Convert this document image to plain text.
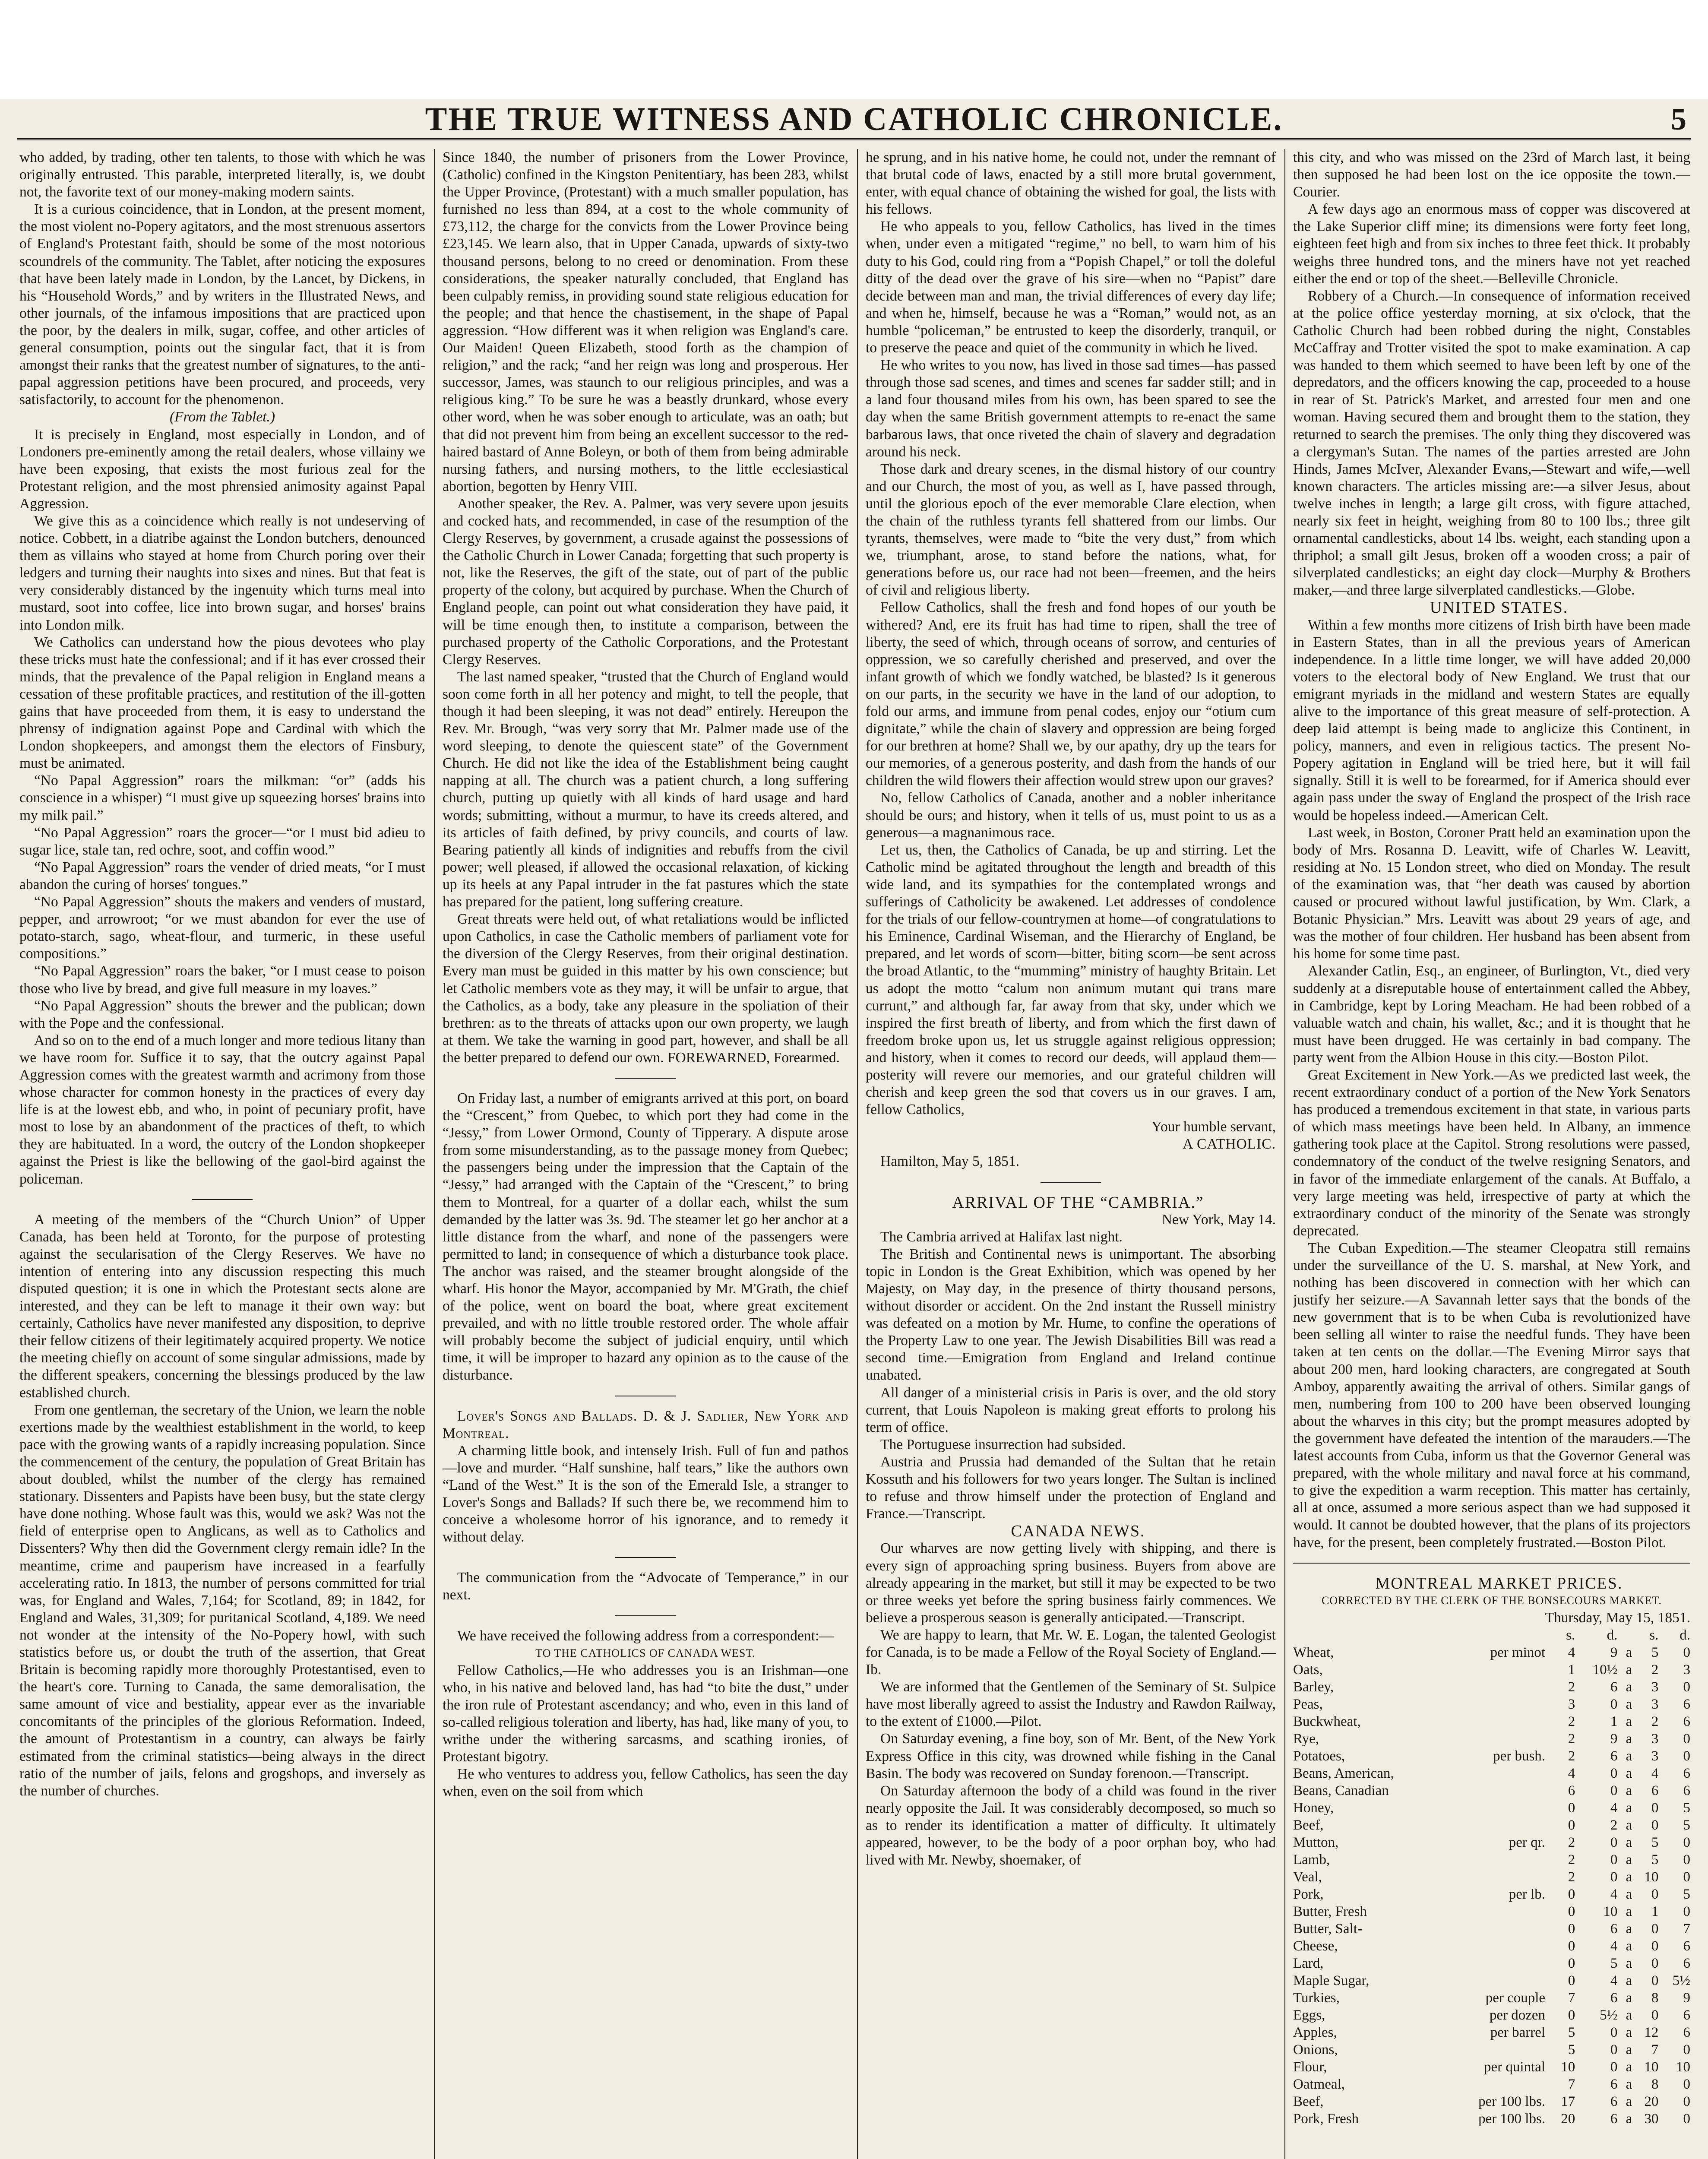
THE TRUE WITNESS AND CATHOLIC CHRONICLE.	5

who added, by trading, other ten talents, to those with which he was originally entrusted. This parable, interpreted literally, is, we doubt not, the favorite text of our money-making modern saints.

It is a curious coincidence, that in London, at the present moment, the most violent no-Popery agitators, and the most strenuous assertors of England's Protestant faith, should be some of the most notorious scoundrels of the community. The Tablet, after noticing the exposures that have been lately made in London, by the Lancet, by Dickens, in his “Household Words,” and by writers in the Illustrated News, and other journals, of the infamous impositions that are practiced upon the poor, by the dealers in milk, sugar, coffee, and other articles of general consumption, points out the singular fact, that it is from amongst their ranks that the greatest number of signatures, to the anti-papal aggression petitions have been procured, and proceeds, very satisfactorily, to account for the phenomenon.

(From the Tablet.)

It is precisely in England, most especially in London, and of Londoners pre-eminently among the retail dealers, whose villainy we have been exposing, that exists the most furious zeal for the Protestant religion, and the most phrensied animosity against Papal Aggression.

We give this as a coincidence which really is not undeserving of notice. Cobbett, in a diatribe against the London butchers, denounced them as villains who stayed at home from Church poring over their ledgers and turning their naughts into sixes and nines. But that feat is very considerably distanced by the ingenuity which turns meal into mustard, soot into coffee, lice into brown sugar, and horses' brains into London milk.

We Catholics can understand how the pious devotees who play these tricks must hate the confessional; and if it has ever crossed their minds, that the prevalence of the Papal religion in England means a cessation of these profitable practices, and restitution of the ill-gotten gains that have proceeded from them, it is easy to understand the phrensy of indignation against Pope and Cardinal with which the London shopkeepers, and amongst them the electors of Finsbury, must be animated.

“No Papal Aggression” roars the milkman: “or” (adds his conscience in a whisper) “I must give up squeezing horses' brains into my milk pail.”

“No Papal Aggression” roars the grocer—“or I must bid adieu to sugar lice, stale tan, red ochre, soot, and coffin wood.”

“No Papal Aggression” roars the vender of dried meats, “or I must abandon the curing of horses' tongues.”

“No Papal Aggression” shouts the makers and venders of mustard, pepper, and arrowroot; “or we must abandon for ever the use of potato-starch, sago, wheat-flour, and turmeric, in these useful compositions.”

“No Papal Aggression” roars the baker, “or I must cease to poison those who live by bread, and give full measure in my loaves.”

“No Papal Aggression” shouts the brewer and the publican; down with the Pope and the confessional.

And so on to the end of a much longer and more tedious litany than we have room for. Suffice it to say, that the outcry against Papal Aggression comes with the greatest warmth and acrimony from those whose character for common honesty in the practices of every day life is at the lowest ebb, and who, in point of pecuniary profit, have most to lose by an abandonment of the practices of theft, to which they are habituated. In a word, the outcry of the London shopkeeper against the Priest is like the bellowing of the gaol-bird against the policeman.

A meeting of the members of the “Church Union” of Upper Canada, has been held at Toronto, for the purpose of protesting against the secularisation of the Clergy Reserves. We have no intention of entering into any discussion respecting this much disputed question; it is one in which the Protestant sects alone are interested, and they can be left to manage it their own way: but certainly, Catholics have never manifested any disposition, to deprive their fellow citizens of their legitimately acquired property. We notice the meeting chiefly on account of some singular admissions, made by the different speakers, concerning the blessings produced by the law established church.

From one gentleman, the secretary of the Union, we learn the noble exertions made by the wealthiest establishment in the world, to keep pace with the growing wants of a rapidly increasing population. Since the commencement of the century, the population of Great Britain has about doubled, whilst the number of the clergy has remained stationary. Dissenters and Papists have been busy, but the state clergy have done nothing. Whose fault was this, would we ask? Was not the field of enterprise open to Anglicans, as well as to Catholics and Dissenters? Why then did the Government clergy remain idle? In the meantime, crime and pauperism have increased in a fearfully accelerating ratio. In 1813, the number of persons committed for trial was, for England and Wales, 7,164; for Scotland, 89; in 1842, for England and Wales, 31,309; for puritanical Scotland, 4,189. We need not wonder at the intensity of the No-Popery howl, with such statistics before us, or doubt the truth of the assertion, that Great Britain is becoming rapidly more thoroughly Protestantised, even to the heart's core. Turning to Canada, the same demoralisation, the same amount of vice and bestiality, appear ever as the invariable concomitants of the principles of the glorious Reformation. Indeed, the amount of Protestantism in a country, can always be fairly estimated from the criminal statistics—being always in the direct ratio of the number of jails, felons and grogshops, and inversely as the number of churches.

Since 1840, the number of prisoners from the Lower Province, (Catholic) confined in the Kingston Penitentiary, has been 283, whilst the Upper Province, (Protestant) with a much smaller population, has furnished no less than 894, at a cost to the whole community of £73,112, the charge for the convicts from the Lower Province being £23,145. We learn also, that in Upper Canada, upwards of sixty-two thousand persons, belong to no creed or denomination. From these considerations, the speaker naturally concluded, that England has been culpably remiss, in providing sound state religious education for the people; and that hence the chastisement, in the shape of Papal aggression. “How different was it when religion was England's care. Our Maiden! Queen Elizabeth, stood forth as the champion of religion,” and the rack; “and her reign was long and prosperous. Her successor, James, was staunch to our religious principles, and was a religious king.” To be sure he was a beastly drunkard, whose every other word, when he was sober enough to articulate, was an oath; but that did not prevent him from being an excellent successor to the red-haired bastard of Anne Boleyn, or both of them from being admirable nursing fathers, and nursing mothers, to the little ecclesiastical abortion, begotten by Henry VIII.

Another speaker, the Rev. A. Palmer, was very severe upon jesuits and cocked hats, and recommended, in case of the resumption of the Clergy Reserves, by government, a crusade against the possessions of the Catholic Church in Lower Canada; forgetting that such property is not, like the Reserves, the gift of the state, out of part of the public property of the colony, but acquired by purchase. When the Church of England people, can point out what consideration they have paid, it will be time enough then, to institute a comparison, between the purchased property of the Catholic Corporations, and the Protestant Clergy Reserves.

The last named speaker, “trusted that the Church of England would soon come forth in all her potency and might, to tell the people, that though it had been sleeping, it was not dead” entirely. Hereupon the Rev. Mr. Brough, “was very sorry that Mr. Palmer made use of the word sleeping, to denote the quiescent state” of the Government Church. He did not like the idea of the Establishment being caught napping at all. The church was a patient church, a long suffering church, putting up quietly with all kinds of hard usage and hard words; submitting, without a murmur, to have its creeds altered, and its articles of faith defined, by privy councils, and courts of law. Bearing patiently all kinds of indignities and rebuffs from the civil power; well pleased, if allowed the occasional relaxation, of kicking up its heels at any Papal intruder in the fat pastures which the state has prepared for the patient, long suffering creature.

Great threats were held out, of what retaliations would be inflicted upon Catholics, in case the Catholic members of parliament vote for the diversion of the Clergy Reserves, from their original destination. Every man must be guided in this matter by his own conscience; but let Catholic members vote as they may, it will be unfair to argue, that the Catholics, as a body, take any pleasure in the spoliation of their brethren: as to the threats of attacks upon our own property, we laugh at them. We take the warning in good part, however, and shall be all the better prepared to defend our own. FOREWARNED, Forearmed.

On Friday last, a number of emigrants arrived at this port, on board the “Crescent,” from Quebec, to which port they had come in the “Jessy,” from Lower Ormond, County of Tipperary. A dispute arose from some misunderstanding, as to the passage money from Quebec; the passengers being under the impression that the Captain of the “Jessy,” had arranged with the Captain of the “Crescent,” to bring them to Montreal, for a quarter of a dollar each, whilst the sum demanded by the latter was 3s. 9d. The steamer let go her anchor at a little distance from the wharf, and none of the passengers were permitted to land; in consequence of which a disturbance took place. The anchor was raised, and the steamer brought alongside of the wharf. His honor the Mayor, accompanied by Mr. M'Grath, the chief of the police, went on board the boat, where great excitement prevailed, and with no little trouble restored order. The whole affair will probably become the subject of judicial enquiry, until which time, it will be improper to hazard any opinion as to the cause of the disturbance.

Lover's Songs and Ballads. D. & J. Sadlier, New York and Montreal.

A charming little book, and intensely Irish. Full of fun and pathos—love and murder. “Half sunshine, half tears,” like the authors own “Land of the West.” It is the son of the Emerald Isle, a stranger to Lover's Songs and Ballads? If such there be, we recommend him to conceive a wholesome horror of his ignorance, and to remedy it without delay.

The communication from the “Advocate of Temperance,” in our next.

We have received the following address from a correspondent:—

TO THE CATHOLICS OF CANADA WEST.

Fellow Catholics,—He who addresses you is an Irishman—one who, in his native and beloved land, has had “to bite the dust,” under the iron rule of Protestant ascendancy; and who, even in this land of so-called religious toleration and liberty, has had, like many of you, to writhe under the withering sarcasms, and scathing ironies, of Protestant bigotry.

He who ventures to address you, fellow Catholics, has seen the day when, even on the soil from which

he sprung, and in his native home, he could not, under the remnant of that brutal code of laws, enacted by a still more brutal government, enter, with equal chance of obtaining the wished for goal, the lists with his fellows.

He who appeals to you, fellow Catholics, has lived in the times when, under even a mitigated “regime,” no bell, to warn him of his duty to his God, could ring from a “Popish Chapel,” or toll the doleful ditty of the dead over the grave of his sire—when no “Papist” dare decide between man and man, the trivial differences of every day life; and when he, himself, because he was a “Roman,” would not, as an humble “policeman,” be entrusted to keep the disorderly, tranquil, or to preserve the peace and quiet of the community in which he lived.

He who writes to you now, has lived in those sad times—has passed through those sad scenes, and times and scenes far sadder still; and in a land four thousand miles from his own, has been spared to see the day when the same British government attempts to re-enact the same barbarous laws, that once riveted the chain of slavery and degradation around his neck.

Those dark and dreary scenes, in the dismal history of our country and our Church, the most of you, as well as I, have passed through, until the glorious epoch of the ever memorable Clare election, when the chain of the ruthless tyrants fell shattered from our limbs. Our tyrants, themselves, were made to “bite the very dust,” from which we, triumphant, arose, to stand before the nations, what, for generations before us, our race had not been—freemen, and the heirs of civil and religious liberty.

Fellow Catholics, shall the fresh and fond hopes of our youth be withered? And, ere its fruit has had time to ripen, shall the tree of liberty, the seed of which, through oceans of sorrow, and centuries of oppression, we so carefully cherished and preserved, and over the infant growth of which we fondly watched, be blasted? Is it generous on our parts, in the security we have in the land of our adoption, to fold our arms, and immune from penal codes, enjoy our “otium cum dignitate,” while the chain of slavery and oppression are being forged for our brethren at home? Shall we, by our apathy, dry up the tears for our memories, of a generous posterity, and dash from the hands of our children the wild flowers their affection would strew upon our graves?

No, fellow Catholics of Canada, another and a nobler inheritance should be ours; and history, when it tells of us, must point to us as a generous—a magnanimous race.

Let us, then, the Catholics of Canada, be up and stirring. Let the Catholic mind be agitated throughout the length and breadth of this wide land, and its sympathies for the contemplated wrongs and sufferings of Catholicity be awakened. Let addresses of condolence for the trials of our fellow-countrymen at home—of congratulations to his Eminence, Cardinal Wiseman, and the Hierarchy of England, be prepared, and let words of scorn—bitter, biting scorn—be sent across the broad Atlantic, to the “mumming” ministry of haughty Britain. Let us adopt the motto “calum non animum mutant qui trans mare currunt,” and although far, far away from that sky, under which we inspired the first breath of liberty, and from which the first dawn of freedom broke upon us, let us struggle against religious oppression; and history, when it comes to record our deeds, will applaud them—posterity will revere our memories, and our grateful children will cherish and keep green the sod that covers us in our graves. I am, fellow Catholics,

Your humble servant,

A CATHOLIC.

Hamilton, May 5, 1851.

ARRIVAL OF THE “CAMBRIA.”

New York, May 14.

The Cambria arrived at Halifax last night.

The British and Continental news is unimportant. The absorbing topic in London is the Great Exhibition, which was opened by her Majesty, on May day, in the presence of thirty thousand persons, without disorder or accident. On the 2nd instant the Russell ministry was defeated on a motion by Mr. Hume, to confine the operations of the Property Law to one year. The Jewish Disabilities Bill was read a second time.—Emigration from England and Ireland continue unabated.

All danger of a ministerial crisis in Paris is over, and the old story current, that Louis Napoleon is making great efforts to prolong his term of office.

The Portuguese insurrection had subsided.

Austria and Prussia had demanded of the Sultan that he retain Kossuth and his followers for two years longer. The Sultan is inclined to refuse and throw himself under the protection of England and France.—Transcript.

CANADA NEWS.

Our wharves are now getting lively with shipping, and there is every sign of approaching spring business. Buyers from above are already appearing in the market, but still it may be expected to be two or three weeks yet before the spring business fairly commences. We believe a prosperous season is generally anticipated.—Transcript.

We are happy to learn, that Mr. W. E. Logan, the talented Geologist for Canada, is to be made a Fellow of the Royal Society of England.—Ib.

We are informed that the Gentlemen of the Seminary of St. Sulpice have most liberally agreed to assist the Industry and Rawdon Railway, to the extent of £1000.—Pilot.

On Saturday evening, a fine boy, son of Mr. Bent, of the New York Express Office in this city, was drowned while fishing in the Canal Basin. The body was recovered on Sunday forenoon.—Transcript.

On Saturday afternoon the body of a child was found in the river nearly opposite the Jail. It was considerably decomposed, so much so as to render its identification a matter of difficulty. It ultimately appeared, however, to be the body of a poor orphan boy, who had lived with Mr. Newby, shoemaker, of

this city, and who was missed on the 23rd of March last, it being then supposed he had been lost on the ice opposite the town.—Courier.

A few days ago an enormous mass of copper was discovered at the Lake Superior cliff mine; its dimensions were forty feet long, eighteen feet high and from six inches to three feet thick. It probably weighs three hundred tons, and the miners have not yet reached either the end or top of the sheet.—Belleville Chronicle.

Robbery of a Church.—In consequence of information received at the police office yesterday morning, at six o'clock, that the Catholic Church had been robbed during the night, Constables McCaffray and Trotter visited the spot to make examination. A cap was handed to them which seemed to have been left by one of the depredators, and the officers knowing the cap, proceeded to a house in rear of St. Patrick's Market, and arrested four men and one woman. Having secured them and brought them to the station, they returned to search the premises. The only thing they discovered was a clergyman's Sutan. The names of the parties arrested are John Hinds, James McIver, Alexander Evans,—Stewart and wife,—well known characters. The articles missing are:—a silver Jesus, about twelve inches in length; a large gilt cross, with figure attached, nearly six feet in height, weighing from 80 to 100 lbs.; three gilt ornamental candlesticks, about 14 lbs. weight, each standing upon a thriphol; a small gilt Jesus, broken off a wooden cross; a pair of silverplated candlesticks; an eight day clock—Murphy & Brothers maker,—and three large silverplated candlesticks.—Globe.

UNITED STATES.

Within a few months more citizens of Irish birth have been made in Eastern States, than in all the previous years of American independence. In a little time longer, we will have added 20,000 voters to the electoral body of New England. We trust that our emigrant myriads in the midland and western States are equally alive to the importance of this great measure of self-protection. A deep laid attempt is being made to anglicize this Continent, in policy, manners, and even in religious tactics. The present No-Popery agitation in England will be tried here, but it will fail signally. Still it is well to be forearmed, for if America should ever again pass under the sway of England the prospect of the Irish race would be hopeless indeed.—American Celt.

Last week, in Boston, Coroner Pratt held an examination upon the body of Mrs. Rosanna D. Leavitt, wife of Charles W. Leavitt, residing at No. 15 London street, who died on Monday. The result of the examination was, that “her death was caused by abortion caused or procured without lawful justification, by Wm. Clark, a Botanic Physician.” Mrs. Leavitt was about 29 years of age, and was the mother of four children. Her husband has been absent from his home for some time past.

Alexander Catlin, Esq., an engineer, of Burlington, Vt., died very suddenly at a disreputable house of entertainment called the Abbey, in Cambridge, kept by Loring Meacham. He had been robbed of a valuable watch and chain, his wallet, &c.; and it is thought that he must have been drugged. He was certainly in bad company. The party went from the Albion House in this city.—Boston Pilot.

Great Excitement in New York.—As we predicted last week, the recent extraordinary conduct of a portion of the New York Senators has produced a tremendous excitement in that state, in various parts of which mass meetings have been held. In Albany, an immence gathering took place at the Capitol. Strong resolutions were passed, condemnatory of the conduct of the twelve resigning Senators, and in favor of the immediate enlargement of the canals. At Buffalo, a very large meeting was held, irrespective of party at which the extraordinary conduct of the minority of the Senate was strongly deprecated.

The Cuban Expedition.—The steamer Cleopatra still remains under the surveillance of the U. S. marshal, at New York, and nothing has been discovered in connection with her which can justify her seizure.—A Savannah letter says that the bonds of the new government that is to be when Cuba is revolutionized have been selling all winter to raise the needful funds. They have been taken at ten cents on the dollar.—The Evening Mirror says that about 200 men, hard looking characters, are congregated at South Amboy, apparently awaiting the arrival of others. Similar gangs of men, numbering from 100 to 200 have been observed lounging about the wharves in this city; but the prompt measures adopted by the government have defeated the intention of the marauders.—The latest accounts from Cuba, inform us that the Governor General was prepared, with the whole military and naval force at his command, to give the expedition a warm reception. This matter has certainly, all at once, assumed a more serious aspect than we had supposed it would. It cannot be doubted however, that the plans of its projectors have, for the present, been completely frustrated.—Boston Pilot.

MONTREAL MARKET PRICES.

CORRECTED BY THE CLERK OF THE BONSECOURS MARKET.

Thursday, May 15, 1851.

		s.	d.		s.	d.
Wheat,	per minot	4	9	a	5	0
Oats,		1	10½	a	2	3
Barley,		2	6	a	3	0
Peas,		3	0	a	3	6
Buckwheat,		2	1	a	2	6
Rye,		2	9	a	3	0
Potatoes,	per bush.	2	6	a	3	0
Beans, American,		4	0	a	4	6
Beans, Canadian		6	0	a	6	6
Honey,		0	4	a	0	5
Beef,		0	2	a	0	5
Mutton,	per qr.	2	0	a	5	0
Lamb,		2	0	a	5	0
Veal,		2	0	a	10	0
Pork,	per lb.	0	4	a	0	5
Butter, Fresh		0	10	a	1	0
Butter, Salt-		0	6	a	0	7
Cheese,		0	4	a	0	6
Lard,		0	5	a	0	6
Maple Sugar,		0	4	a	0	5½
Turkies,	per couple	7	6	a	8	9
Eggs,	per dozen	0	5½	a	0	6
Apples,	per barrel	5	0	a	12	6
Onions,		5	0	a	7	0
Flour,	per quintal	10	0	a	10	10
Oatmeal,		7	6	a	8	0
Beef,	per 100 lbs.	17	6	a	20	0
Pork, Fresh	per 100 lbs.	20	6	a	30	0
